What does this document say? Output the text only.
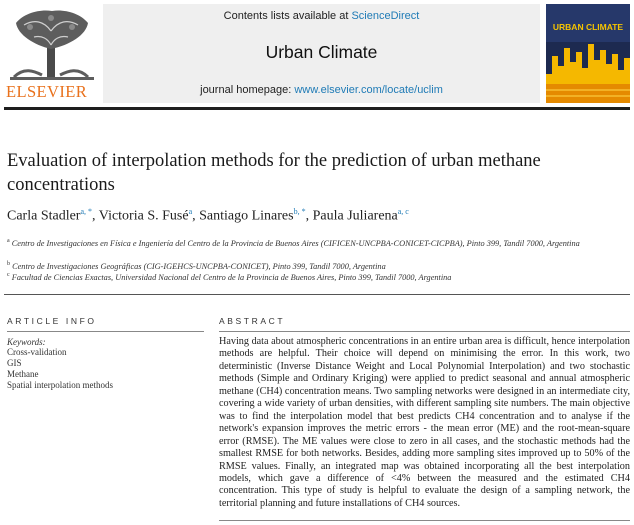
ELSEVIER
Contents lists available at ScienceDirect
Urban Climate
journal homepage: www.elsevier.com/locate/uclim
URBAN CLIMATE
Evaluation of interpolation methods for the prediction of urban methane concentrations
Carla Stadler$^{a, *}$, Victoria S. Fusé$^a$, Santiago Linares$^{b, *}$, Paula Juliarena$^{a, c}$
$^a$ Centro de Investigaciones en Física e Ingeniería del Centro de la Provincia de Buenos Aires (CIFICEN-UNCPBA-CONICET-CICPBA), Pinto 399, Tandil 7000, Argentina
$^b$ Centro de Investigaciones Geográficas (CIG-IGEHCS-UNCPBA-CONICET), Pinto 399, Tandil 7000, Argentina
$^c$ Facultad de Ciencias Exactas, Universidad Nacional del Centro de la Provincia de Buenos Aires, Pinto 399, Tandil 7000, Argentina
ARTICLE INFO
Keywords:
Cross-validation
GIS
Methane
Spatial interpolation methods
ABSTRACT
Having data about atmospheric concentrations in an entire urban area is difficult, hence interpolation methods are helpful. Their choice will depend on minimising the error. In this work, two deterministic (Inverse Distance Weight and Local Polynomial Interpolation) and two stochastic methods (Simple and Ordinary Kriging) were applied to predict seasonal and annual atmospheric methane (CH4) concentration means. Two sampling networks were designed in an intermediate city, covering a wide variety of urban densities, with different sampling site numbers. The main objective was to find the interpolation model that best predicts CH4 concentration and to analyse if the network's expansion improves the metric errors - the mean error (ME) and the root-mean-square error (RMSE). The ME values were close to zero in all cases, and the stochastic methods had the smallest RMSE for both networks. Besides, adding more sampling sites improved up to 50% of the RMSE values. Finally, an integrated map was obtained incorporating all the best interpolation models, which gave a difference of <4% between the measured and the estimated CH4 concentration. This type of study is helpful to evaluate the design of a sampling network, the territorial planning and future installations of CH4 sources.
